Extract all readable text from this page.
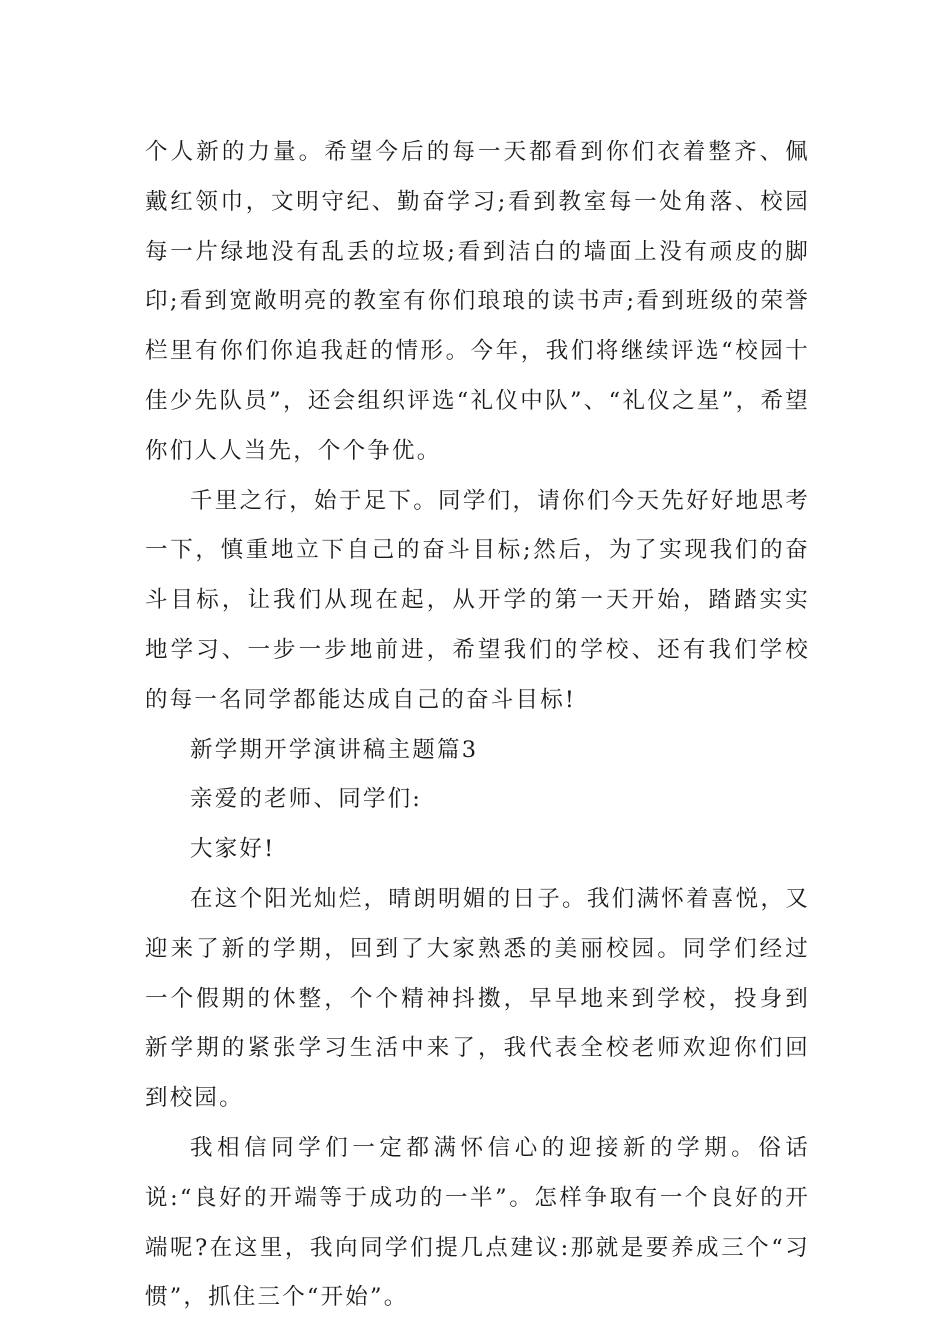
个人新的力量。希望今后的每一天都看到你们衣着整齐、佩戴红领巾，文明守纪、勤奋学习;看到教室每一处角落、校园每一片绿地没有乱丢的垃圾;看到洁白的墙面上没有顽皮的脚印;看到宽敞明亮的教室有你们琅琅的读书声;看到班级的荣誉栏里有你们你追我赶的情形。今年，我们将继续评选“校园十佳少先队员”，还会组织评选“礼仪中队”、“礼仪之星”，希望你们人人当先，个个争优。

千里之行，始于足下。同学们，请你们今天先好好地思考一下，慎重地立下自己的奋斗目标;然后，为了实现我们的奋斗目标，让我们从现在起，从开学的第一天开始，踏踏实实地学习、一步一步地前进，希望我们的学校、还有我们学校的每一名同学都能达成自己的奋斗目标!

新学期开学演讲稿主题篇3

亲爱的老师、同学们:

大家好!

在这个阳光灿烂，晴朗明媚的日子。我们满怀着喜悦，又迎来了新的学期，回到了大家熟悉的美丽校园。同学们经过一个假期的休整，个个精神抖擞，早早地来到学校，投身到新学期的紧张学习生活中来了，我代表全校老师欢迎你们回到校园。

我相信同学们一定都满怀信心的迎接新的学期。俗话说:“良好的开端等于成功的一半”。怎样争取有一个良好的开端呢?在这里，我向同学们提几点建议:那就是要养成三个“习惯”，抓住三个“开始”。
